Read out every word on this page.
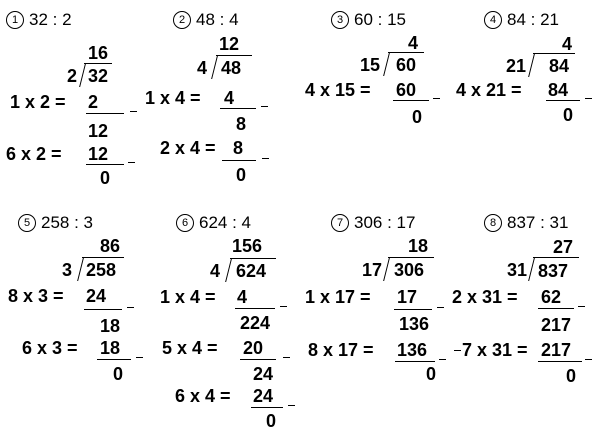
1 32 : 2
16
2 32
1 x 2 = 2
12
6 x 2 = 12
0
2 48 : 4
12
4 48
1 x 4 = 4
8
2 x 4 = 8
0
3 60 : 15
4
15 60
4 x 15 = 60
0
4 84 : 21
4
21 84
4 x 21 = 84
0
5 258 : 3
86
3 258
8 x 3 = 24
18
6 x 3 = 18
0
6 624 : 4
156
4 624
1 x 4 = 4
224
5 x 4 = 20
24
6 x 4 = 24
0
7 306 : 17
18
17 306
1 x 17 = 17
136
8 x 17 = 136
0
8 837 : 31
27
31 837
2 x 31 = 62
217
7 x 31 = 217
0
